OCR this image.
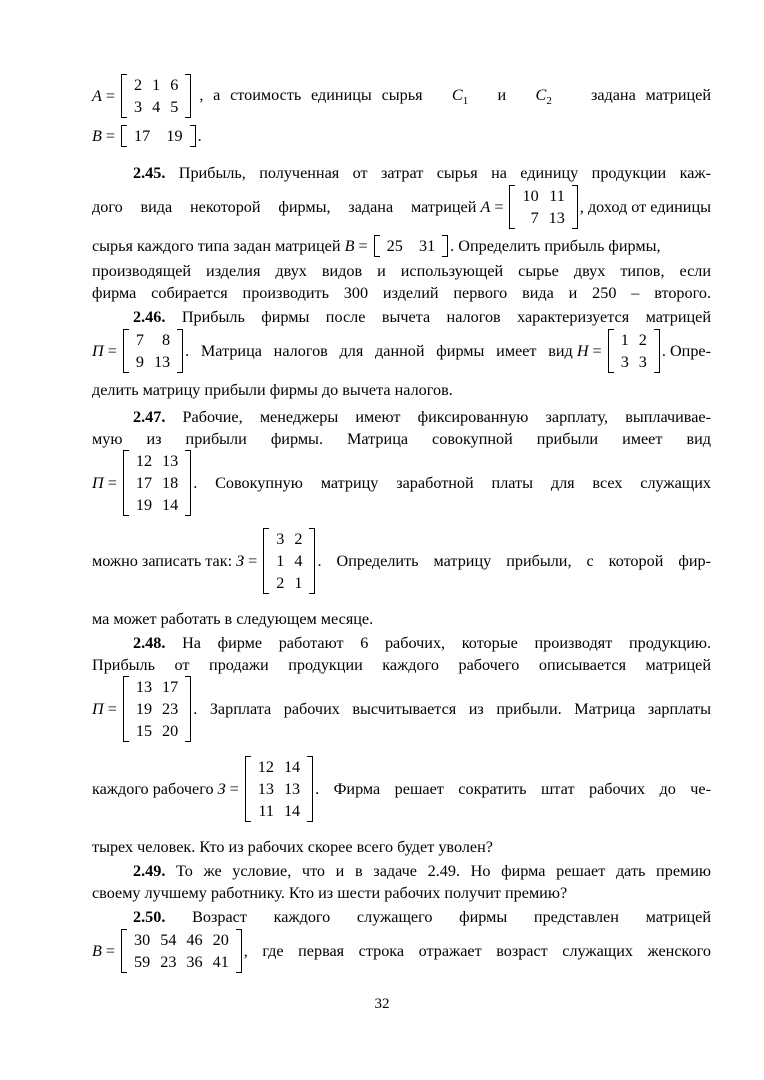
A =
2	1	6
3	4	5
, а стоимость единицы сырья $C_1$ и $C_2$ задана матрицей
B = 17    19 .
2.45. Прибыль, полученная от затрат сырья на единицу продукции каж-
дого вида некоторой фирмы, задана матрицей
A =
10	11
7	13
, доход от единицы
сырья каждого типа задан матрицей
B = 25    31 . Определить прибыль фирмы,
производящей изделия двух видов и использующей сырье двух типов, если
фирма собирается производить 300 изделий первого вида и 250 – второго.
2.46. Прибыль фирмы после вычета налогов характеризуется матрицей
П =
7	8
9	13
. Матрица налогов для данной фирмы имеет вид
Н =
1	2
3	3
. Опре-
делить матрицу прибыли фирмы до вычета налогов.
2.47. Рабочие, менеджеры имеют фиксированную зарплату, выплачивае-
мую из прибыли фирмы. Матрица совокупной прибыли имеет вид
П =
12	13
17	18
19	14
. Совокупную матрицу заработной платы для всех служащих
можно записать так:
З =
3	2
1	4
2	1
. Определить матрицу прибыли, с которой фир-
ма может работать в следующем месяце.
2.48. На фирме работают 6 рабочих, которые производят продукцию.
Прибыль от продажи продукции каждого рабочего описывается матрицей
П =
13	17
19	23
15	20
. Зарплата рабочих высчитывается из прибыли. Матрица зарплаты
каждого рабочего
З =
12	14
13	13
11	14
. Фирма решает сократить штат рабочих до че-
тырех человек. Кто из рабочих скорее всего будет уволен?
2.49. То же условие, что и в задаче 2.49. Но фирма решает дать премию
своему лучшему работнику. Кто из шести рабочих получит премию?
2.50. Возраст каждого служащего фирмы представлен матрицей
В =
30	54	46	20
59	23	36	41
, где первая строка отражает возраст служащих женского
32
